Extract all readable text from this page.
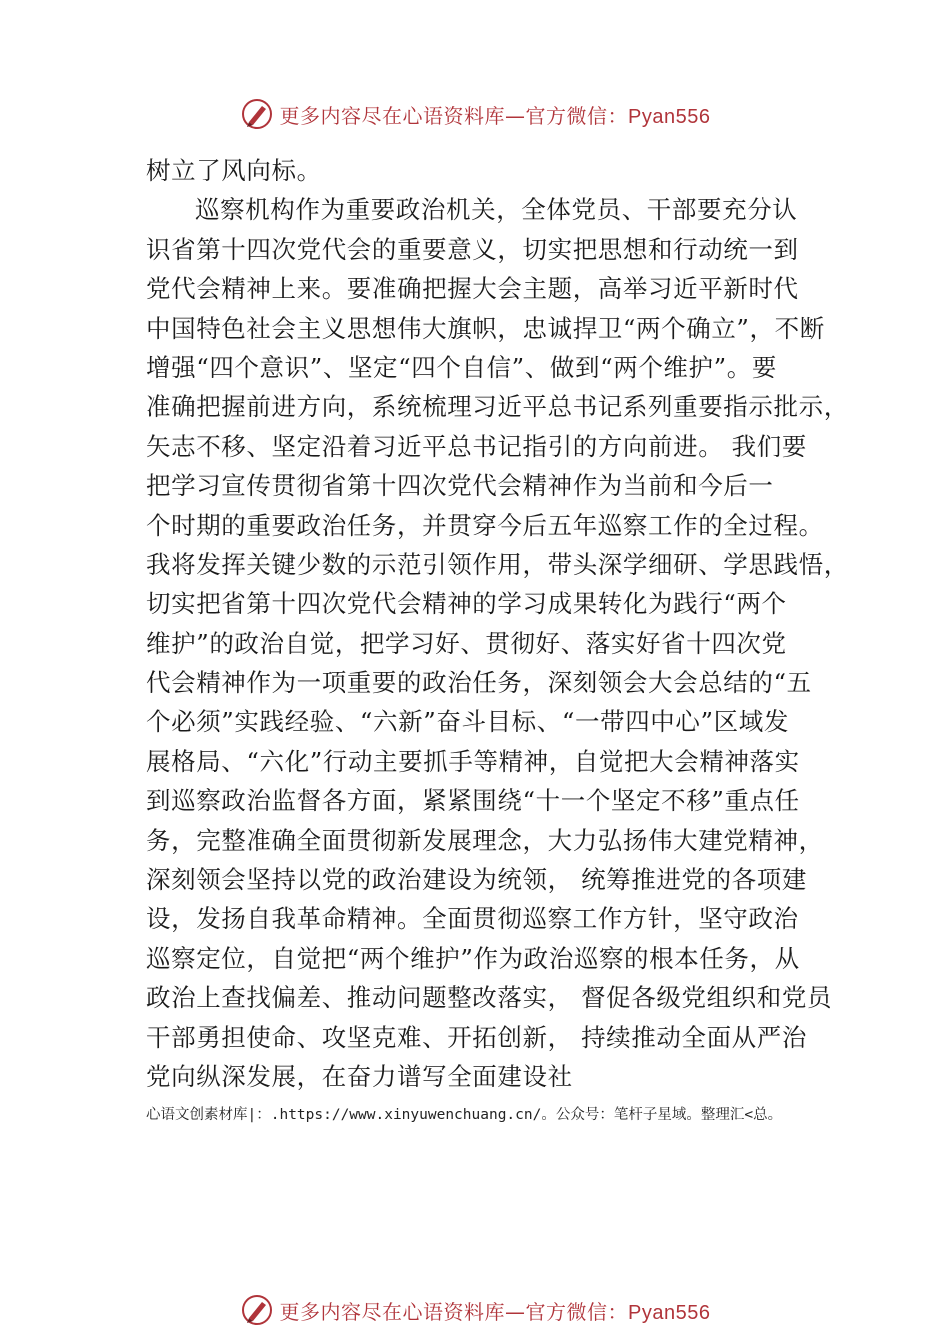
更多内容尽在心语资料库—官方微信：Pyan556
树立了风向标。
巡察机构作为重要政治机关，全体党员、干部要充分认
识省第十四次党代会的重要意义，切实把思想和行动统一到
党代会精神上来。要准确把握大会主题，高举习近平新时代
中国特色社会主义思想伟大旗帜，忠诚捍卫“两个确立”，不断
增强“四个意识”、坚定“四个自信”、做到“两个维护”。要
准确把握前进方向，系统梳理习近平总书记系列重要指示批示，
矢志不移、坚定沿着习近平总书记指引的方向前进。 我们要
把学习宣传贯彻省第十四次党代会精神作为当前和今后一
个时期的重要政治任务，并贯穿今后五年巡察工作的全过程。
我将发挥关键少数的示范引领作用，带头深学细研、学思践悟，
切实把省第十四次党代会精神的学习成果转化为践行“两个
维护”的政治自觉，把学习好、贯彻好、落实好省十四次党
代会精神作为一项重要的政治任务，深刻领会大会总结的“五
个必须”实践经验、“六新”奋斗目标、“一带四中心”区域发
展格局、“六化”行动主要抓手等精神，自觉把大会精神落实
到巡察政治监督各方面，紧紧围绕“十一个坚定不移”重点任
务，完整准确全面贯彻新发展理念，大力弘扬伟大建党精神，
深刻领会坚持以党的政治建设为统领， 统筹推进党的各项建
设，发扬自我革命精神。全面贯彻巡察工作方针，坚守政治
巡察定位，自觉把“两个维护”作为政治巡察的根本任务，从
政治上查找偏差、推动问题整改落实， 督促各级党组织和党员
干部勇担使命、攻坚克难、开拓创新， 持续推动全面从严治
党向纵深发展，在奋力谱写全面建设社
心语文创素材库|：.https://www.xinyuwenchuang.cn/。公众号：笔杆子星域。整理汇<总。
更多内容尽在心语资料库—官方微信：Pyan556
